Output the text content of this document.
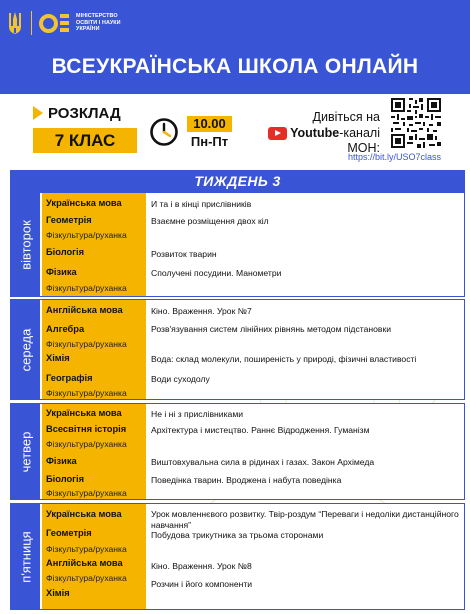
МІНІСТЕРСТВО
ОСВІТИ І НАУКИ
УКРАЇНИ
ВСЕУКРАЇНСЬКА ШКОЛА ОНЛАЙН
РОЗКЛАД
7 КЛАС
10.00
Пн-Пт
Дивіться на
Youtube-каналі
МОН:
https://bit.ly/USO7class
ТИЖДЕНЬ 3
вівторок
Українська мова
Геометрія
Фізкультура/руханка
Біологія
Фізика
Фізкультура/руханка
И та і в кінці прислівників
Взаємне розміщення двох кіл
Розвиток тварин
Сполучені посудини. Манометри
середа
Англійська мова
Алгебра
Фізкультура/руханка
Хімія
Географія
Фізкультура/руханка
Кіно. Враження. Урок №7
Розв'язування систем лінійних рівнянь методом підстановки
Вода: склад молекули, поширеність у природі, фізичні властивості
Води суходолу
четвер
Українська мова
Всесвітня історія
Фізкультура/руханка
Фізика
Біологія
Фізкультура/руханка
Не і ні з прислівниками
Архітектура і мистецтво. Раннє Відродження. Гуманізм
Виштовхувальна сила в рідинах і газах. Закон Архімеда
Поведінка тварин. Вроджена і набута поведінка
п'ятниця
Українська мова
Геометрія
Фізкультура/руханка
Англійська мова
Фізкультура/руханка
Хімія
Урок мовленнєвого розвитку. Твір-роздум “Переваги і недоліки дистанційного навчання”
Побудова трикутника за трьома сторонами
Кіно. Враження. Урок №8
Розчин і його компоненти
